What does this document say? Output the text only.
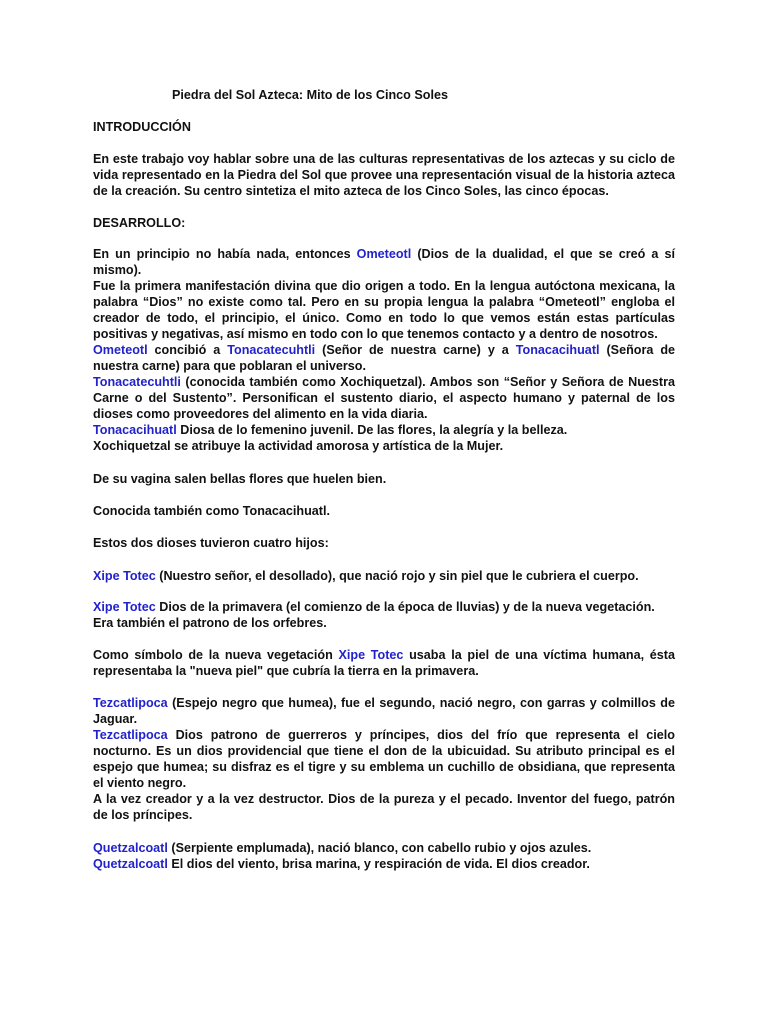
Piedra del Sol Azteca: Mito de los Cinco Soles

INTRODUCCIÓN

En este trabajo voy hablar sobre una de las culturas representativas de los aztecas y su ciclo de vida representado en la Piedra del Sol que provee una representación visual de la historia azteca de la creación. Su centro sintetiza el mito azteca de los Cinco Soles, las cinco épocas.

DESARROLLO:

En un principio no había nada, entonces Ometeotl (Dios de la dualidad, el que se creó a sí mismo).
Fue la primera manifestación divina que dio origen a todo. En la lengua autóctona mexicana, la palabra “Dios” no existe como tal. Pero en su propia lengua la palabra “Ometeotl” engloba el creador de todo, el principio, el único. Como en todo lo que vemos están estas partículas positivas y negativas, así mismo en todo con lo que tenemos contacto y a dentro de nosotros.
Ometeotl concibió a Tonacatecuhtli (Señor de nuestra carne) y a Tonacacihuatl (Señora de nuestra carne) para que poblaran el universo.
Tonacatecuhtli (conocida también como Xochiquetzal). Ambos son “Señor y Señora de Nuestra Carne o del Sustento”. Personifican el sustento diario, el aspecto humano y paternal de los dioses como proveedores del alimento en la vida diaria.
Tonacacihuatl Diosa de lo femenino juvenil. De las flores, la alegría y la belleza.
Xochiquetzal se atribuye la actividad amorosa y artística de la Mujer.

De su vagina salen bellas flores que huelen bien.

Conocida también como Tonacacihuatl.

Estos dos dioses tuvieron cuatro hijos:

Xipe Totec (Nuestro señor, el desollado), que nació rojo y sin piel que le cubriera el cuerpo.
Xipe Totec Dios de la primavera (el comienzo de la época de lluvias) y de la nueva vegetación.
Era también el patrono de los orfebres.
Como símbolo de la nueva vegetación Xipe Totec usaba la piel de una víctima humana, ésta representaba la "nueva piel" que cubría la tierra en la primavera.
Tezcatlipoca (Espejo negro que humea), fue el segundo, nació negro, con garras y colmillos de Jaguar.
Tezcatlipoca Dios patrono de guerreros y príncipes, dios del frío que representa el cielo nocturno. Es un dios providencial que tiene el don de la ubicuidad. Su atributo principal es el espejo que humea; su disfraz es el tigre y su emblema un cuchillo de obsidiana, que representa el viento negro.
A la vez creador y a la vez destructor. Dios de la pureza y el pecado. Inventor del fuego, patrón de los príncipes.
Quetzalcoatl (Serpiente emplumada), nació blanco, con cabello rubio y ojos azules.
Quetzalcoatl El dios del viento, brisa marina, y respiración de vida. El dios creador.
